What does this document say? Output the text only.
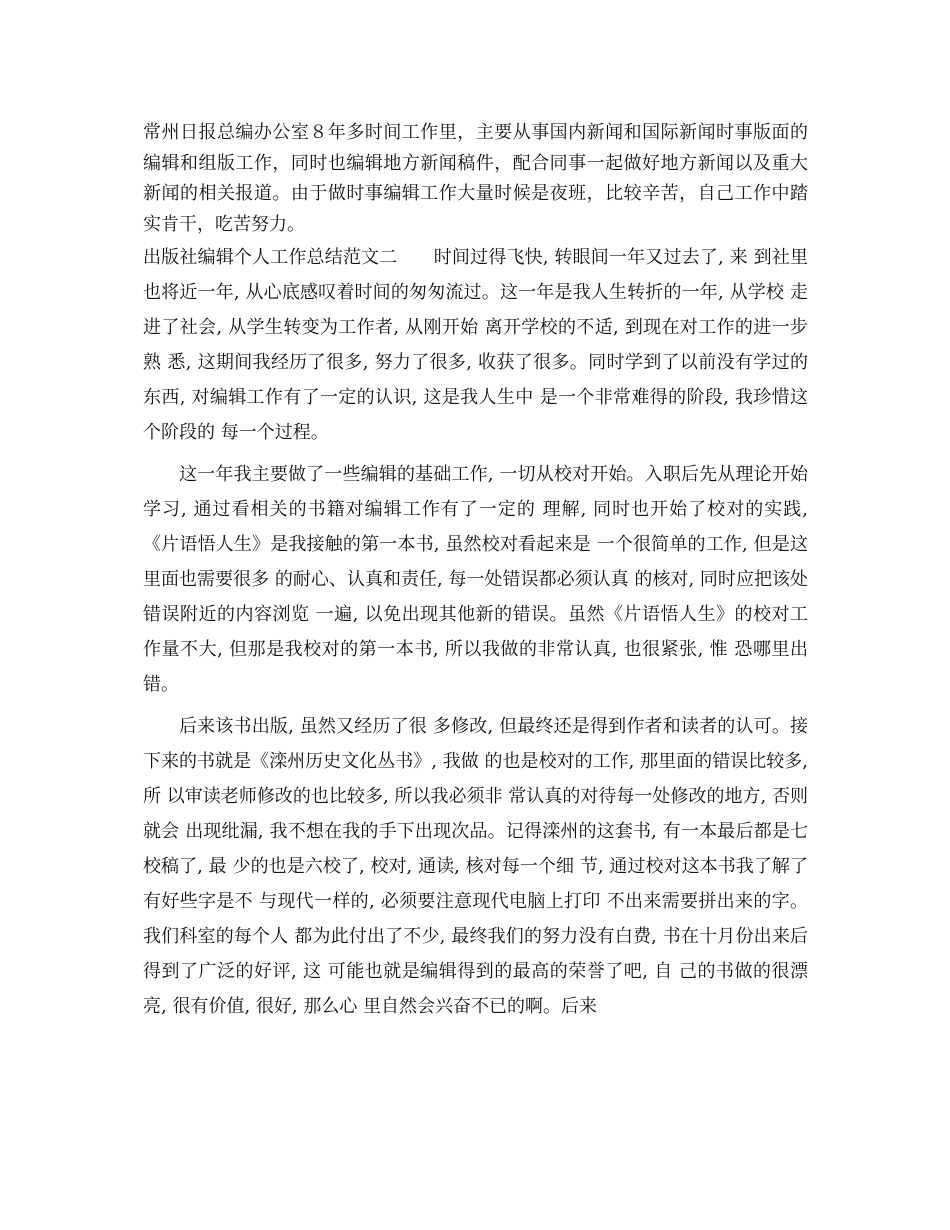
常州日报总编办公室８年多时间工作里，主要从事国内新闻和国际新闻时事版面的编辑和组版工作，同时也编辑地方新闻稿件，配合同事一起做好地方新闻以及重大新闻的相关报道。由于做时事编辑工作大量时候是夜班，比较辛苦，自己工作中踏实肯干，吃苦努力。

出版社编辑个人工作总结范文二　　时间过得飞快, 转眼间一年又过去了, 来 到社里也将近一年, 从心底感叹着时间的匆匆流过。这一年是我人生转折的一年, 从学校 走进了社会, 从学生转变为工作者, 从刚开始 离开学校的不适, 到现在对工作的进一步熟 悉, 这期间我经历了很多, 努力了很多, 收获了很多。同时学到了以前没有学过的东西, 对编辑工作有了一定的认识, 这是我人生中 是一个非常难得的阶段, 我珍惜这个阶段的 每一个过程。

这一年我主要做了一些编辑的基础工作, 一切从校对开始。入职后先从理论开始学习, 通过看相关的书籍对编辑工作有了一定的 理解, 同时也开始了校对的实践, 《片语悟人生》是我接触的第一本书, 虽然校对看起来是 一个很简单的工作, 但是这里面也需要很多 的耐心、认真和责任, 每一处错误都必须认真 的核对, 同时应把该处错误附近的内容浏览 一遍, 以免出现其他新的错误。虽然《片语悟人生》的校对工作量不大, 但那是我校对的第一本书, 所以我做的非常认真, 也很紧张, 惟 恐哪里出错。

后来该书出版, 虽然又经历了很 多修改, 但最终还是得到作者和读者的认可。接下来的书就是《滦州历史文化丛书》, 我做 的也是校对的工作, 那里面的错误比较多, 所 以审读老师修改的也比较多, 所以我必须非 常认真的对待每一处修改的地方, 否则就会 出现纰漏, 我不想在我的手下出现次品。记得滦州的这套书, 有一本最后都是七校稿了, 最 少的也是六校了, 校对, 通读, 核对每一个细 节, 通过校对这本书我了解了有好些字是不 与现代一样的, 必须要注意现代电脑上打印 不出来需要拼出来的字。我们科室的每个人 都为此付出了不少, 最终我们的努力没有白费, 书在十月份出来后得到了广泛的好评, 这 可能也就是编辑得到的最高的荣誉了吧, 自 己的书做的很漂亮, 很有价值, 很好, 那么心 里自然会兴奋不已的啊。后来
